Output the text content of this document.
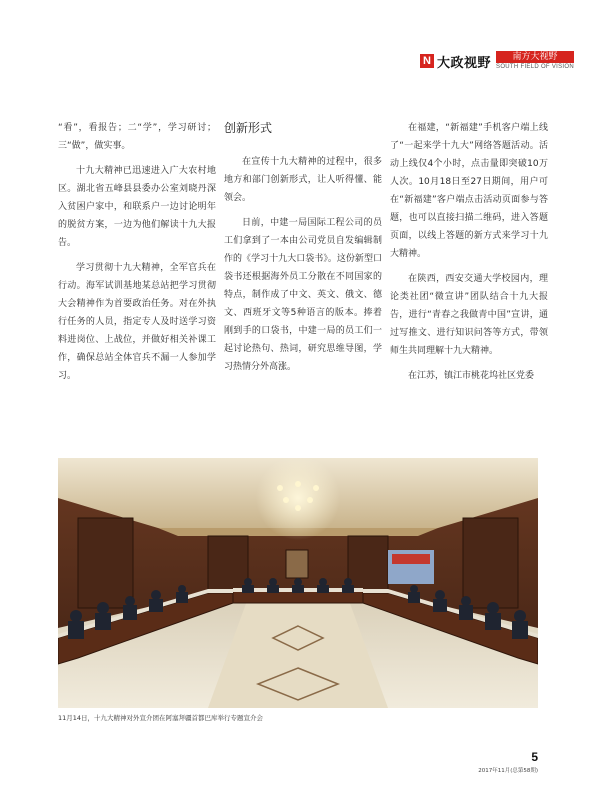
N 大政视野	南方大视野
SOUTH FIELD OF VISION

“看”，看报告；二“学”，学习研讨；三“做”，做实事。

十九大精神已迅速进入广大农村地区。湖北省五峰县县委办公室刘晓丹深入贫困户家中，和联系户一边讨论明年的脱贫方案，一边为他们解读十九大报告。

学习贯彻十九大精神，全军官兵在行动。海军试训基地某总站把学习贯彻大会精神作为首要政治任务。对在外执行任务的人员，指定专人及时送学习资料进岗位、上战位，并做好相关补课工作，确保总站全体官兵不漏一人参加学习。

创新形式

在宣传十九大精神的过程中，很多地方和部门创新形式，让人听得懂、能领会。

日前，中建一局国际工程公司的员工们拿到了一本由公司党员自发编辑制作的《学习十九大口袋书》。这份新型口袋书还根据海外员工分散在不同国家的特点，制作成了中文、英文、俄文、德文、西班牙文等5种语言的版本。捧着刚到手的口袋书，中建一局的员工们一起讨论热句、热词，研究思维导图，学习热情分外高涨。

在福建，“新福建”手机客户端上线了“一起来学十九大”网络答题活动。活动上线仅4个小时，点击量即突破10万人次。10月18日至27日期间，用户可在“新福建”客户端点击活动页面参与答题，也可以直接扫描二维码，进入答题页面，以线上答题的新方式来学习十九大精神。

在陕西，西安交通大学校园内，理论类社团“微宣讲”团队结合十九大报告，进行“青春之我做青中国”宣讲，通过写推文、进行知识问答等方式，带领师生共同理解十九大精神。

在江苏，镇江市桃花坞社区党委

11月14日，十九大精神对外宣介团在阿塞拜疆首都巴库举行专题宣介会
5
2017年11月(总第58期)
